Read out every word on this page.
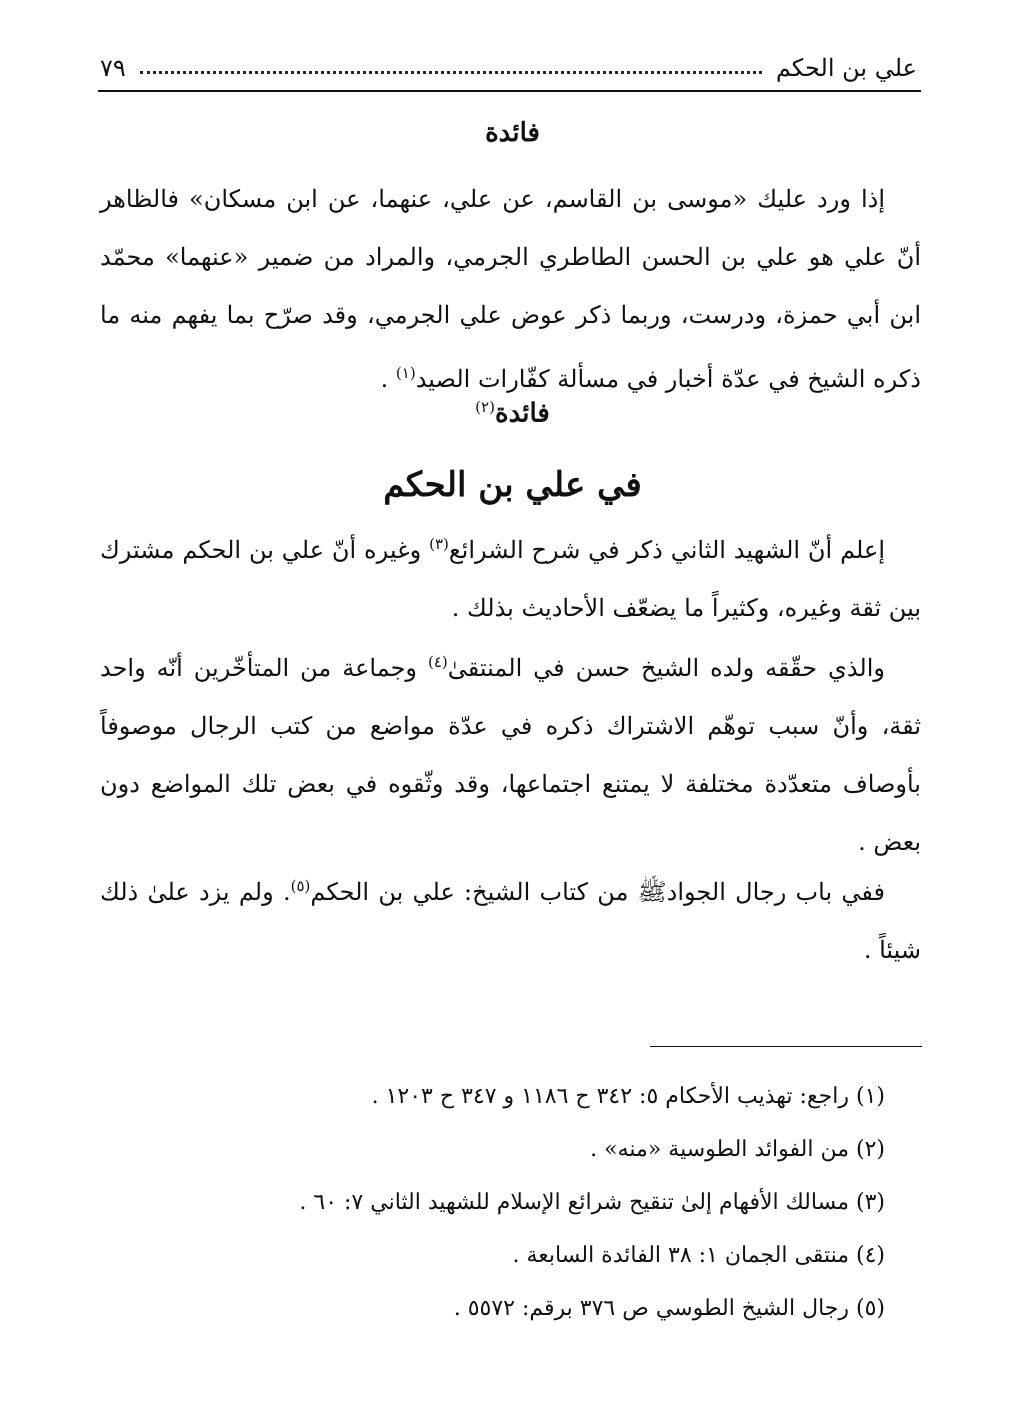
علي بن الحكم
٧٩
فائدة
إذا ورد عليك «موسى بن القاسم، عن علي، عنهما، عن ابن مسكان» فالظاهر أنّ علي هو علي بن الحسن الطاطري الجرمي، والمراد من ضمير «عنهما» محمّد ابن أبي حمزة، ودرست، وربما ذكر عوض علي الجرمي، وقد صرّح بما يفهم منه ما ذكره الشيخ في عدّة أخبار في مسألة كفّارات الصيد$^{(١)}$ .
فائدة$^{(٢)}$
في علي بن الحكم
إعلم أنّ الشهيد الثاني ذكر في شرح الشرائع$^{(٣)}$ وغيره أنّ علي بن الحكم مشترك بين ثقة وغيره، وكثيراً ما يضعّف الأحاديث بذلك .
والذي حقّقه ولده الشيخ حسن في المنتقىٰ$^{(٤)}$ وجماعة من المتأخّرين أنّه واحد ثقة، وأنّ سبب توهّم الاشتراك ذكره في عدّة مواضع من كتب الرجال موصوفاً بأوصاف متعدّدة مختلفة لا يمتنع اجتماعها، وقد وثّقوه في بعض تلك المواضع دون بعض .
ففي باب رجال الجوادﷺ من كتاب الشيخ: علي بن الحكم$^{(٥)}$. ولم يزد علىٰ ذلك شيئاً .
(١) راجع: تهذيب الأحكام ٥: ٣٤٢ ح ١١٨٦ و ٣٤٧ ح ١٢٠٣ .
(٢) من الفوائد الطوسية «منه» .
(٣) مسالك الأفهام إلىٰ تنقيح شرائع الإسلام للشهيد الثاني ٧: ٦٠ .
(٤) منتقى الجمان ١: ٣٨ الفائدة السابعة .
(٥) رجال الشيخ الطوسي ص ٣٧٦ برقم: ٥٥٧٢ .
